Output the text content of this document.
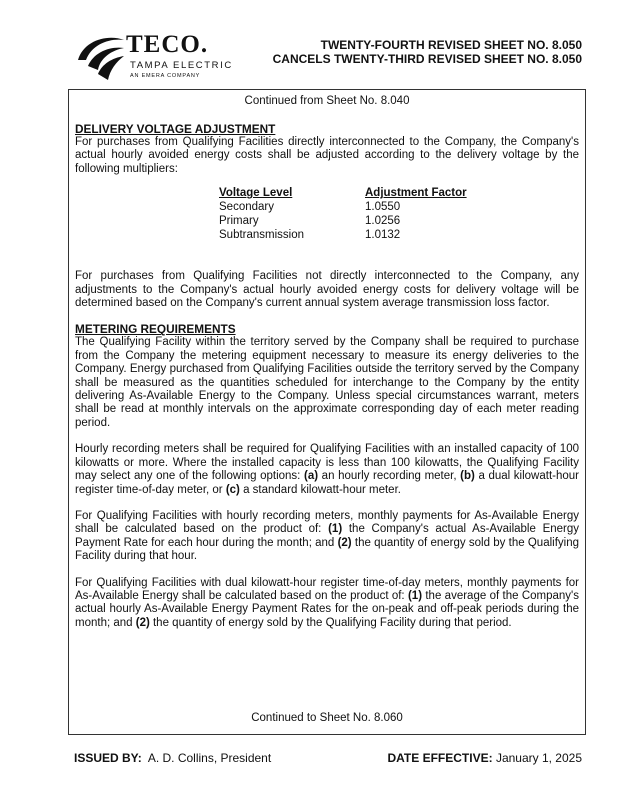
TECO.
TAMPA ELECTRIC
AN EMERA COMPANY
TWENTY-FOURTH REVISED SHEET NO. 8.050
CANCELS TWENTY-THIRD REVISED SHEET NO. 8.050
Continued from Sheet No. 8.040
DELIVERY VOLTAGE ADJUSTMENT

For purchases from Qualifying Facilities directly interconnected to the Company, the Company's actual hourly avoided energy costs shall be adjusted according to the delivery voltage by the following multipliers:

Voltage Level	Adjustment Factor
Secondary	1.0550
Primary	1.0256
Subtransmission	1.0132

For purchases from Qualifying Facilities not directly interconnected to the Company, any adjustments to the Company's actual hourly avoided energy costs for delivery voltage will be determined based on the Company's current annual system average transmission loss factor.

METERING REQUIREMENTS

The Qualifying Facility within the territory served by the Company shall be required to purchase from the Company the metering equipment necessary to measure its energy deliveries to the Company. Energy purchased from Qualifying Facilities outside the territory served by the Company shall be measured as the quantities scheduled for interchange to the Company by the entity delivering As-Available Energy to the Company. Unless special circumstances warrant, meters shall be read at monthly intervals on the approximate corresponding day of each meter reading period.

Hourly recording meters shall be required for Qualifying Facilities with an installed capacity of 100 kilowatts or more. Where the installed capacity is less than 100 kilowatts, the Qualifying Facility may select any one of the following options: (a) an hourly recording meter, (b) a dual kilowatt-hour register time-of-day meter, or (c) a standard kilowatt-hour meter.

For Qualifying Facilities with hourly recording meters, monthly payments for As-Available Energy shall be calculated based on the product of: (1) the Company's actual As-Available Energy Payment Rate for each hour during the month; and (2) the quantity of energy sold by the Qualifying Facility during that hour.

For Qualifying Facilities with dual kilowatt-hour register time-of-day meters, monthly payments for As-Available Energy shall be calculated based on the product of: (1) the average of the Company's actual hourly As-Available Energy Payment Rates for the on-peak and off-peak periods during the month; and (2) the quantity of energy sold by the Qualifying Facility during that period.

Continued to Sheet No. 8.060
ISSUED BY: A. D. Collins, President	DATE EFFECTIVE: January 1, 2025
